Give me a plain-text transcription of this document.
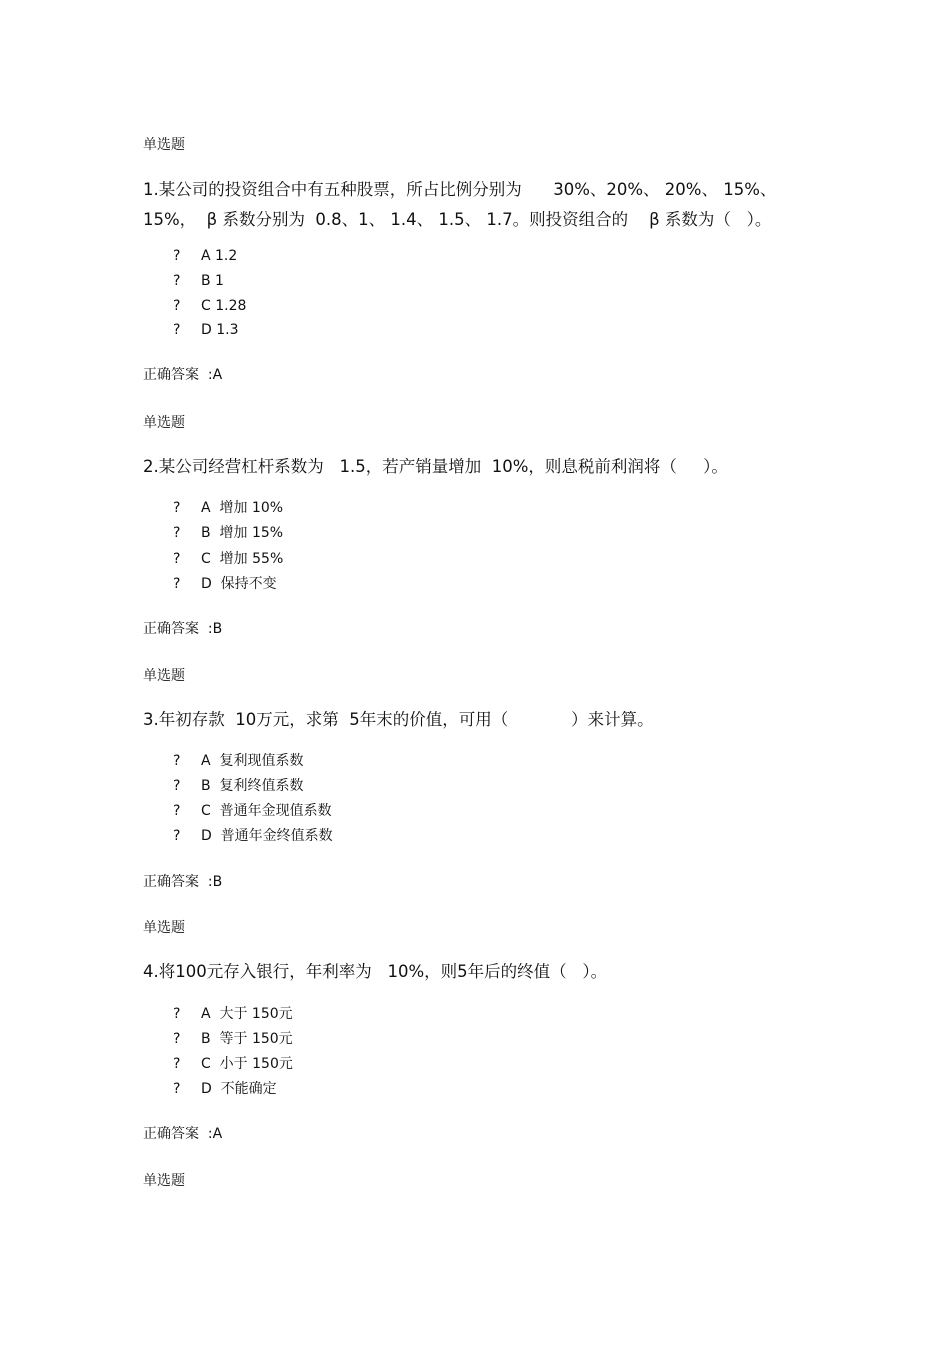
单选题
1.某公司的投资组合中有五种股票，所占比例分别为      30%、20%、 20%、 15%、
15%，  β 系数分别为  0.8、1、 1.4、 1.5、 1.7。则投资组合的    β 系数为（   ）。
? A 1.2
? B 1
? C 1.28
? D 1.3
正确答案  :A
单选题
2.某公司经营杠杆系数为   1.5，若产销量增加  10%，则息税前利润将（     ）。
? A  增加 10%
? B  增加 15%
? C  增加 55%
? D  保持不变
正确答案  :B
单选题
3.年初存款  10万元，求第  5年末的价值，可用（            ）来计算。
? A  复利现值系数
? B  复利终值系数
? C  普通年金现值系数
? D  普通年金终值系数
正确答案  :B
单选题
4.将100元存入银行，年利率为   10%，则5年后的终值（   ）。
? A  大于 150元
? B  等于 150元
? C  小于 150元
? D  不能确定
正确答案  :A
单选题
